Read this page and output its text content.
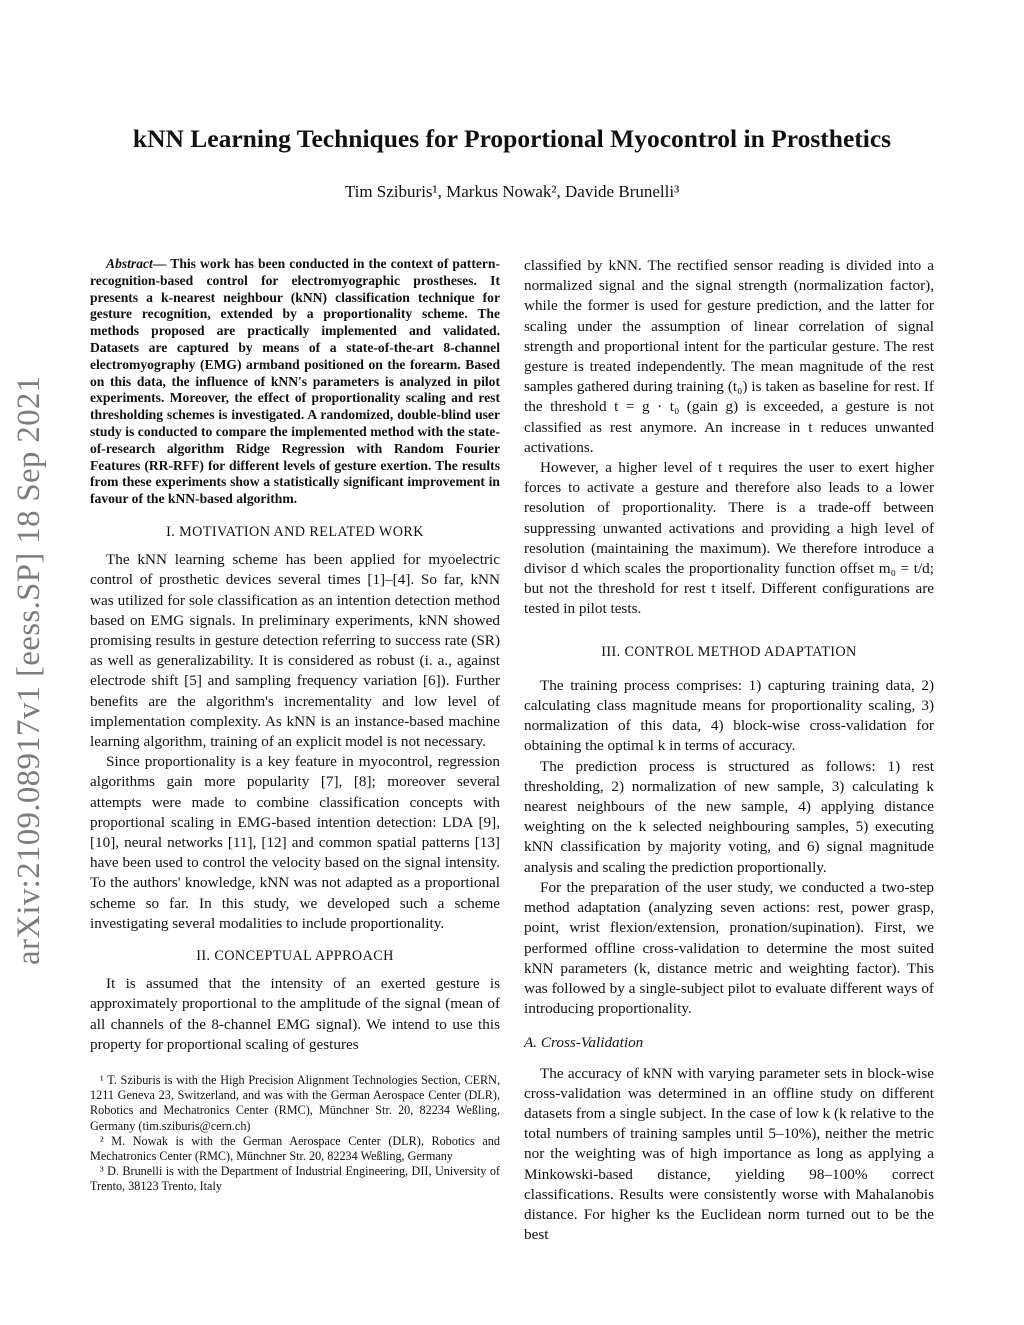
arXiv:2109.08917v1 [eess.SP] 18 Sep 2021
kNN Learning Techniques for Proportional Myocontrol in Prosthetics
Tim Sziburis¹, Markus Nowak², Davide Brunelli³

Abstract— This work has been conducted in the context of pattern-recognition-based control for electromyographic prostheses. It presents a k-nearest neighbour (kNN) classification technique for gesture recognition, extended by a proportionality scheme. The methods proposed are practically implemented and validated. Datasets are captured by means of a state-of-the-art 8-channel electromyography (EMG) armband positioned on the forearm. Based on this data, the influence of kNN's parameters is analyzed in pilot experiments. Moreover, the effect of proportionality scaling and rest thresholding schemes is investigated. A randomized, double-blind user study is conducted to compare the implemented method with the state-of-research algorithm Ridge Regression with Random Fourier Features (RR-RFF) for different levels of gesture exertion. The results from these experiments show a statistically significant improvement in favour of the kNN-based algorithm.

I. MOTIVATION AND RELATED WORK

The kNN learning scheme has been applied for myoelectric control of prosthetic devices several times [1]–[4]. So far, kNN was utilized for sole classification as an intention detection method based on EMG signals. In preliminary experiments, kNN showed promising results in gesture detection referring to success rate (SR) as well as generalizability. It is considered as robust (i. a., against electrode shift [5] and sampling frequency variation [6]). Further benefits are the algorithm's incrementality and low level of implementation complexity. As kNN is an instance-based machine learning algorithm, training of an explicit model is not necessary.

Since proportionality is a key feature in myocontrol, regression algorithms gain more popularity [7], [8]; moreover several attempts were made to combine classification concepts with proportional scaling in EMG-based intention detection: LDA [9], [10], neural networks [11], [12] and common spatial patterns [13] have been used to control the velocity based on the signal intensity. To the authors' knowledge, kNN was not adapted as a proportional scheme so far. In this study, we developed such a scheme investigating several modalities to include proportionality.

II. CONCEPTUAL APPROACH

It is assumed that the intensity of an exerted gesture is approximately proportional to the amplitude of the signal (mean of all channels of the 8-channel EMG signal). We intend to use this property for proportional scaling of gestures

¹ T. Sziburis is with the High Precision Alignment Technologies Section, CERN, 1211 Geneva 23, Switzerland, and was with the German Aerospace Center (DLR), Robotics and Mechatronics Center (RMC), Münchner Str. 20, 82234 Weßling, Germany (tim.sziburis@cern.ch)

² M. Nowak is with the German Aerospace Center (DLR), Robotics and Mechatronics Center (RMC), Münchner Str. 20, 82234 Weßling, Germany

³ D. Brunelli is with the Department of Industrial Engineering, DII, University of Trento, 38123 Trento, Italy

classified by kNN. The rectified sensor reading is divided into a normalized signal and the signal strength (normalization factor), while the former is used for gesture prediction, and the latter for scaling under the assumption of linear correlation of signal strength and proportional intent for the particular gesture. The rest gesture is treated independently. The mean magnitude of the rest samples gathered during training (t₀) is taken as baseline for rest. If the threshold t = g · t₀ (gain g) is exceeded, a gesture is not classified as rest anymore. An increase in t reduces unwanted activations.

However, a higher level of t requires the user to exert higher forces to activate a gesture and therefore also leads to a lower resolution of proportionality. There is a trade-off between suppressing unwanted activations and providing a high level of resolution (maintaining the maximum). We therefore introduce a divisor d which scales the proportionality function offset m₀ = t/d; but not the threshold for rest t itself. Different configurations are tested in pilot tests.

III. CONTROL METHOD ADAPTATION

The training process comprises: 1) capturing training data, 2) calculating class magnitude means for proportionality scaling, 3) normalization of this data, 4) block-wise cross-validation for obtaining the optimal k in terms of accuracy.

The prediction process is structured as follows: 1) rest thresholding, 2) normalization of new sample, 3) calculating k nearest neighbours of the new sample, 4) applying distance weighting on the k selected neighbouring samples, 5) executing kNN classification by majority voting, and 6) signal magnitude analysis and scaling the prediction proportionally.

For the preparation of the user study, we conducted a two-step method adaptation (analyzing seven actions: rest, power grasp, point, wrist flexion/extension, pronation/supination). First, we performed offline cross-validation to determine the most suited kNN parameters (k, distance metric and weighting factor). This was followed by a single-subject pilot to evaluate different ways of introducing proportionality.

A. Cross-Validation

The accuracy of kNN with varying parameter sets in block-wise cross-validation was determined in an offline study on different datasets from a single subject. In the case of low k (k relative to the total numbers of training samples until 5–10%), neither the metric nor the weighting was of high importance as long as applying a Minkowski-based distance, yielding 98–100% correct classifications. Results were consistently worse with Mahalanobis distance. For higher ks the Euclidean norm turned out to be the best
